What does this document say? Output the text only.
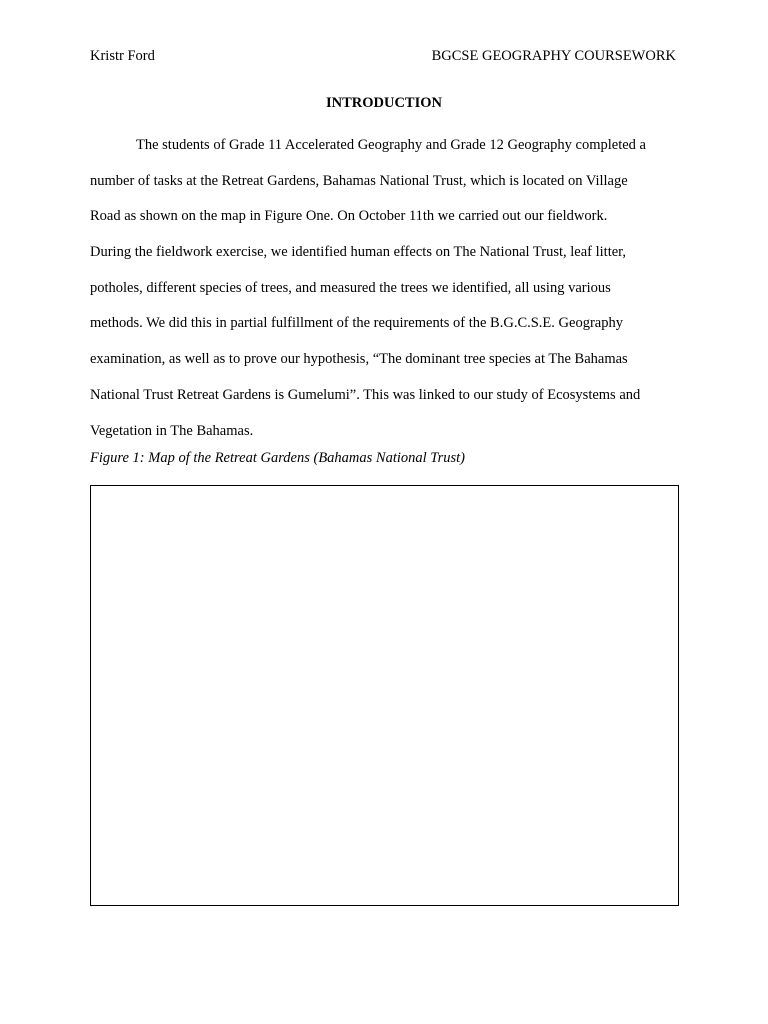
Kristr Ford	BGCSE GEOGRAPHY COURSEWORK
INTRODUCTION
The students of Grade 11 Accelerated Geography and Grade 12 Geography completed a
number of tasks at the Retreat Gardens, Bahamas National Trust, which is located on Village
Road as shown on the map in Figure One. On October 11th we carried out our fieldwork.
During the fieldwork exercise, we identified human effects on The National Trust, leaf litter,
potholes, different species of trees, and measured the trees we identified, all using various
methods. We did this in partial fulfillment of the requirements of the B.G.C.S.E. Geography
examination, as well as to prove our hypothesis, “The dominant tree species at The Bahamas
National Trust Retreat Gardens is Gumelumi”. This was linked to our study of Ecosystems and
Vegetation in The Bahamas.
Figure 1: Map of the Retreat Gardens (Bahamas National Trust)
